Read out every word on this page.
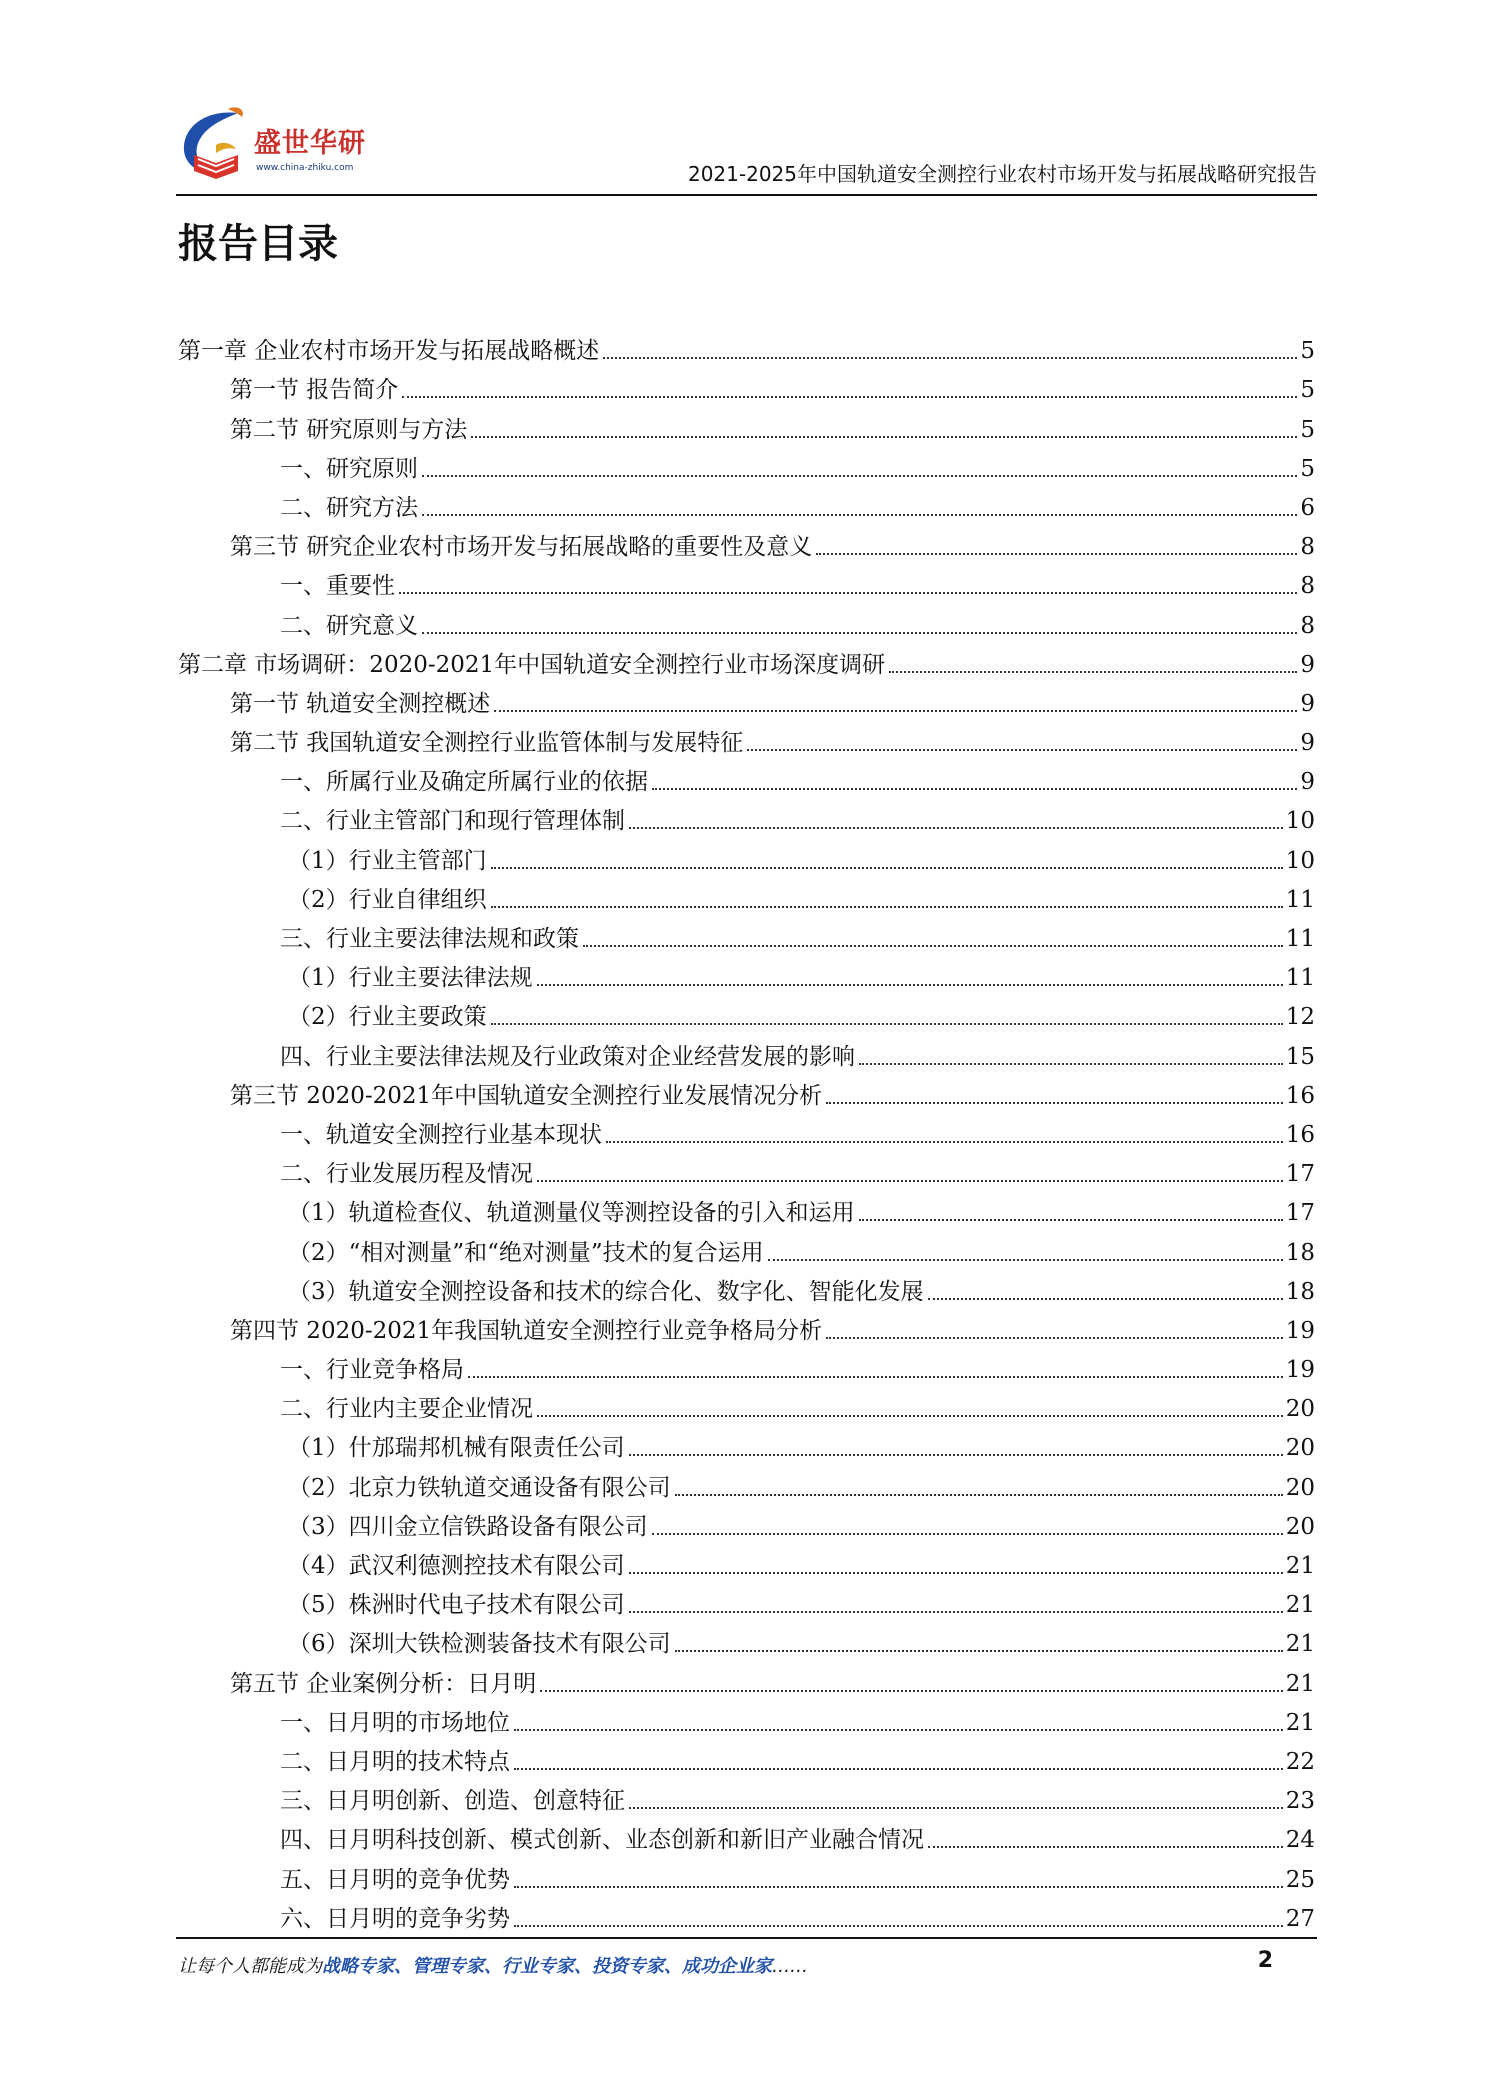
盛世华研
www.china-zhiku.com	2021-2025年中国轨道安全测控行业农村市场开发与拓展战略研究报告
报告目录
第一章 企业农村市场开发与拓展战略概述	5
第一节 报告简介	5
第二节 研究原则与方法	5
一、研究原则	5
二、研究方法	6
第三节 研究企业农村市场开发与拓展战略的重要性及意义	8
一、重要性	8
二、研究意义	8
第二章 市场调研：2020-2021年中国轨道安全测控行业市场深度调研	9
第一节 轨道安全测控概述	9
第二节 我国轨道安全测控行业监管体制与发展特征	9
一、所属行业及确定所属行业的依据	9
二、行业主管部门和现行管理体制	10
（1）行业主管部门	10
（2）行业自律组织	11
三、行业主要法律法规和政策	11
（1）行业主要法律法规	11
（2）行业主要政策	12
四、行业主要法律法规及行业政策对企业经营发展的影响	15
第三节 2020-2021年中国轨道安全测控行业发展情况分析	16
一、轨道安全测控行业基本现状	16
二、行业发展历程及情况	17
（1）轨道检查仪、轨道测量仪等测控设备的引入和运用	17
（2）“相对测量”和“绝对测量”技术的复合运用	18
（3）轨道安全测控设备和技术的综合化、数字化、智能化发展	18
第四节 2020-2021年我国轨道安全测控行业竞争格局分析	19
一、行业竞争格局	19
二、行业内主要企业情况	20
（1）什邡瑞邦机械有限责任公司	20
（2）北京力铁轨道交通设备有限公司	20
（3）四川金立信铁路设备有限公司	20
（4）武汉利德测控技术有限公司	21
（5）株洲时代电子技术有限公司	21
（6）深圳大铁检测装备技术有限公司	21
第五节 企业案例分析：日月明	21
一、日月明的市场地位	21
二、日月明的技术特点	22
三、日月明创新、创造、创意特征	23
四、日月明科技创新、模式创新、业态创新和新旧产业融合情况	24
五、日月明的竞争优势	25
六、日月明的竞争劣势	27
让每个人都能成为战略专家、管理专家、行业专家、投资专家、成功企业家……	2
